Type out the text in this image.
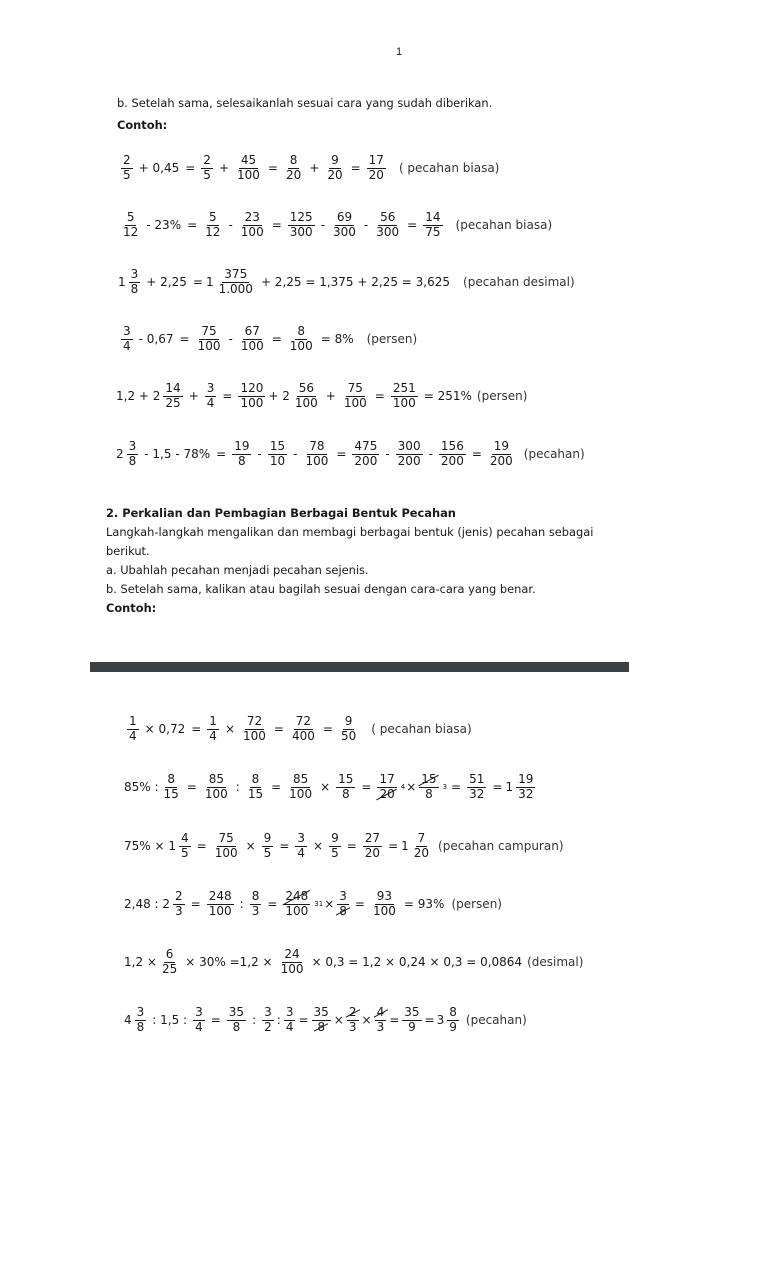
1
b. Setelah sama, selesaikanlah sesuai cara yang sudah diberikan.
Contoh:
2
$5 + 0,45 = \frac{2}{5} + \frac{45}{100} = \frac{8}{20} + \frac{9}{20} = \frac{17}{20}$ ( pecahan biasa)
5
$12 - 23\% = \frac{5}{12} - \frac{23}{100} = \frac{125}{300}$ -
69
$300 - \frac{56}{300} = \frac{14}{75}$ (pecahan biasa)
1
3
8 + 2,25 = 1
375
1.000 + 2,25 = 1,375 + 2,25 = 3,625 (pecahan desimal)
3
$4 - 0,67 = \frac{75}{100} - \frac{67}{100} = \frac{8}{100} = 8\%$ (persen)
1,2 + 2
14
$25 + \frac{3}{4} = \frac{120}{100} + 2$
56
$100 + \frac{75}{100} = \frac{251}{100} = 251\%$ (persen)
2
3
$8 - 1,5 - 78\% = \frac{19}{8}$ -
15
$10 - \frac{78}{100} = \frac{475}{200}$ -
300
$200 - \frac{156}{200} = \frac{19}{200}$ (pecahan)
2. Perkalian dan Pembagian Berbagai Bentuk Pecahan
Langkah-langkah mengalikan dan membagi berbagai bentuk (jenis) pecahan sebagai
berikut.
a. Ubahlah pecahan menjadi pecahan sejenis.
b. Setelah sama, kalikan atau bagilah sesuai dengan cara-cara yang benar.
Contoh:
$\frac{1}{4} \times 0,72 = \frac{1}{4} \times \frac{72}{100} = \frac{72}{400} = \frac{9}{50}$ ( pecahan biasa)
85% : $\frac{8}{15} = \frac{85}{100}$ : $\frac{8}{15} = \frac{85}{100} \times \frac{15}{8} = \frac{17}{20} 4 \times \frac{15}{8} 3 = \frac{51}{32} = 1$
19
32
$75\% \times 1 \frac{4}{5} = \frac{75}{100} \times \frac{9}{5} = \frac{3}{4} \times \frac{9}{5} = \frac{27}{20} = 1$
7
20 (pecahan campuran)
2,48 : $2 \frac{2}{3} = \frac{248}{100}$ : $\frac{8}{3} = \frac{248}{100} 31 \times \frac{3}{8} = \frac{93}{100} = 93\%$ (persen)
$1,2 \times \frac{6}{25} \times 30\% =1,2 \times \frac{24}{100} \times 0,3 = 1,2 \times 0,24 \times 0,3 = 0,0864$ (desimal)
4
3
8 : 1,5 : $\frac{3}{4} = \frac{35}{8}$ :
3
2 : $\frac{3}{4} = \frac{35}{8} \times \frac{2}{3} \times \frac{4}{3} = \frac{35}{9} = 3$
8
9 (pecahan)
